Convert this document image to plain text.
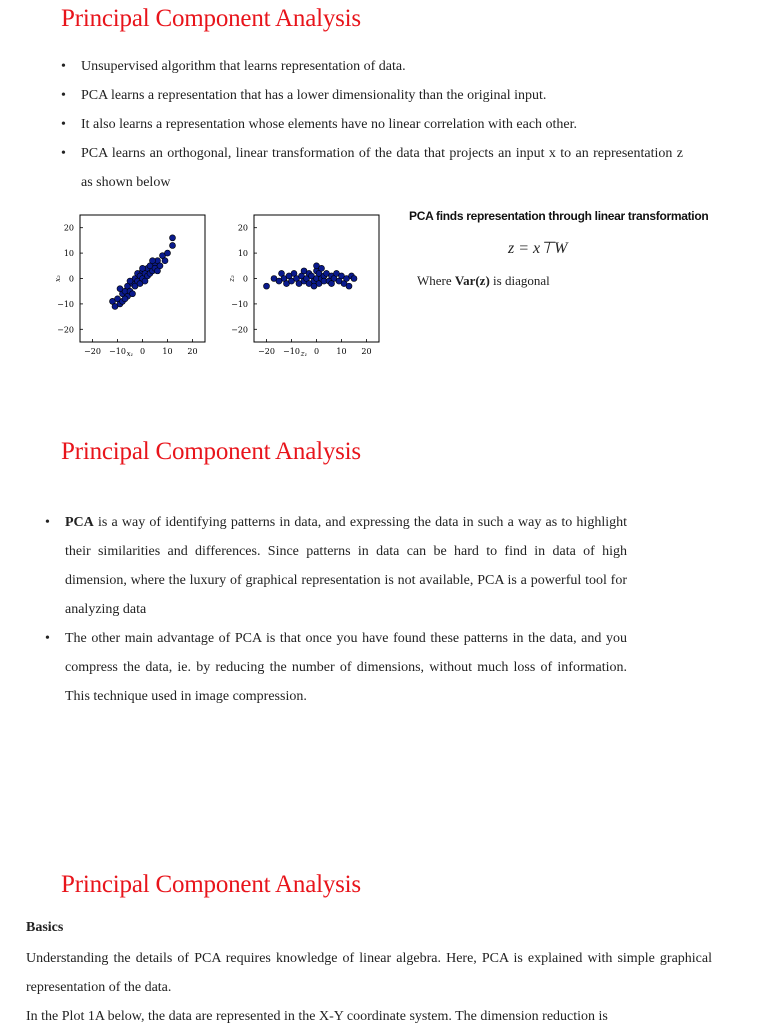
Principal Component Analysis
• Unsupervised algorithm that learns representation of data.
• PCA learns a representation that has a lower dimensionality than the original input.
• It also learns a representation whose elements have no linear correlation with each other.
• PCA learns an orthogonal, linear transformation of the data that projects an input x to an representation z as shown below
−20 −10 0 10 20
20
10
0
−10
−20
x₁
x₂
−20 −10 0 10 20
20
10
0
−10
−20
z₁
z₂
PCA finds representation through linear transformation
z = x⊤W
Where Var(z) is diagonal
Principal Component Analysis
• PCA is a way of identifying patterns in data, and expressing the data in such a way as to highlight their similarities and differences. Since patterns in data can be hard to find in data of high dimension, where the luxury of graphical representation is not available, PCA is a powerful tool for analyzing data
• The other main advantage of PCA is that once you have found these patterns in the data, and you compress the data, ie. by reducing the number of dimensions, without much loss of information. This technique used in image compression.
Principal Component Analysis
Basics

Understanding the details of PCA requires knowledge of linear algebra. Here, PCA is explained with simple graphical representation of the data.

In the Plot 1A below, the data are represented in the X-Y coordinate system. The dimension reduction is
